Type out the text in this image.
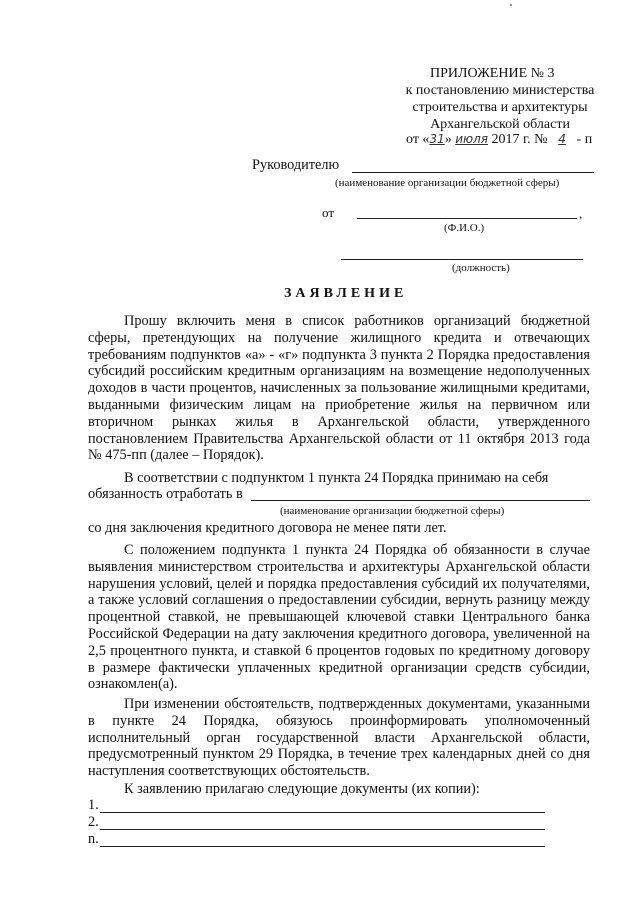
ПРИЛОЖЕНИЕ № 3
к постановлению министерства
строительства и архитектуры
Архангельской области
от «31» июля 2017 г. № 4 - п
Руководителю
(наименование организации бюджетной сферы)
от	,
(Ф.И.О.)
(должность)
ЗАЯВЛЕНИЕ

Прошу включить меня в список работников организаций бюджетной сферы, претендующих на получение жилищного кредита и отвечающих требованиям подпунктов «а» - «г» подпункта 3 пункта 2 Порядка предоставления субсидий российским кредитным организациям на возмещение недополученных доходов в части процентов, начисленных за пользование жилищными кредитами, выданными физическим лицам на приобретение жилья на первичном или вторичном рынках жилья в Архангельской области, утвержденного постановлением Правительства Архангельской области от 11 октября 2013 года № 475-пп (далее – Порядок).

В соответствии с подпунктом 1 пункта 24 Порядка принимаю на себя

обязанность отработать в
(наименование организации бюджетной сферы)
со дня заключения кредитного договора не менее пяти лет.

С положением подпункта 1 пункта 24 Порядка об обязанности в случае выявления министерством строительства и архитектуры Архангельской области нарушения условий, целей и порядка предоставления субсидий их получателями, а также условий соглашения о предоставлении субсидии, вернуть разницу между процентной ставкой, не превышающей ключевой ставки Центрального банка Российской Федерации на дату заключения кредитного договора, увеличенной на 2,5 процентного пункта, и ставкой 6 процентов годовых по кредитному договору в размере фактически уплаченных кредитной организации средств субсидии, ознакомлен(а).

При изменении обстоятельств, подтвержденных документами, указанными в пункте 24 Порядка, обязуюсь проинформировать уполномоченный исполнительный орган государственной власти Архангельской области, предусмотренный пунктом 29 Порядка, в течение трех календарных дней со дня наступления соответствующих обстоятельств.

К заявлению прилагаю следующие документы (их копии):

1.
2.
n.
